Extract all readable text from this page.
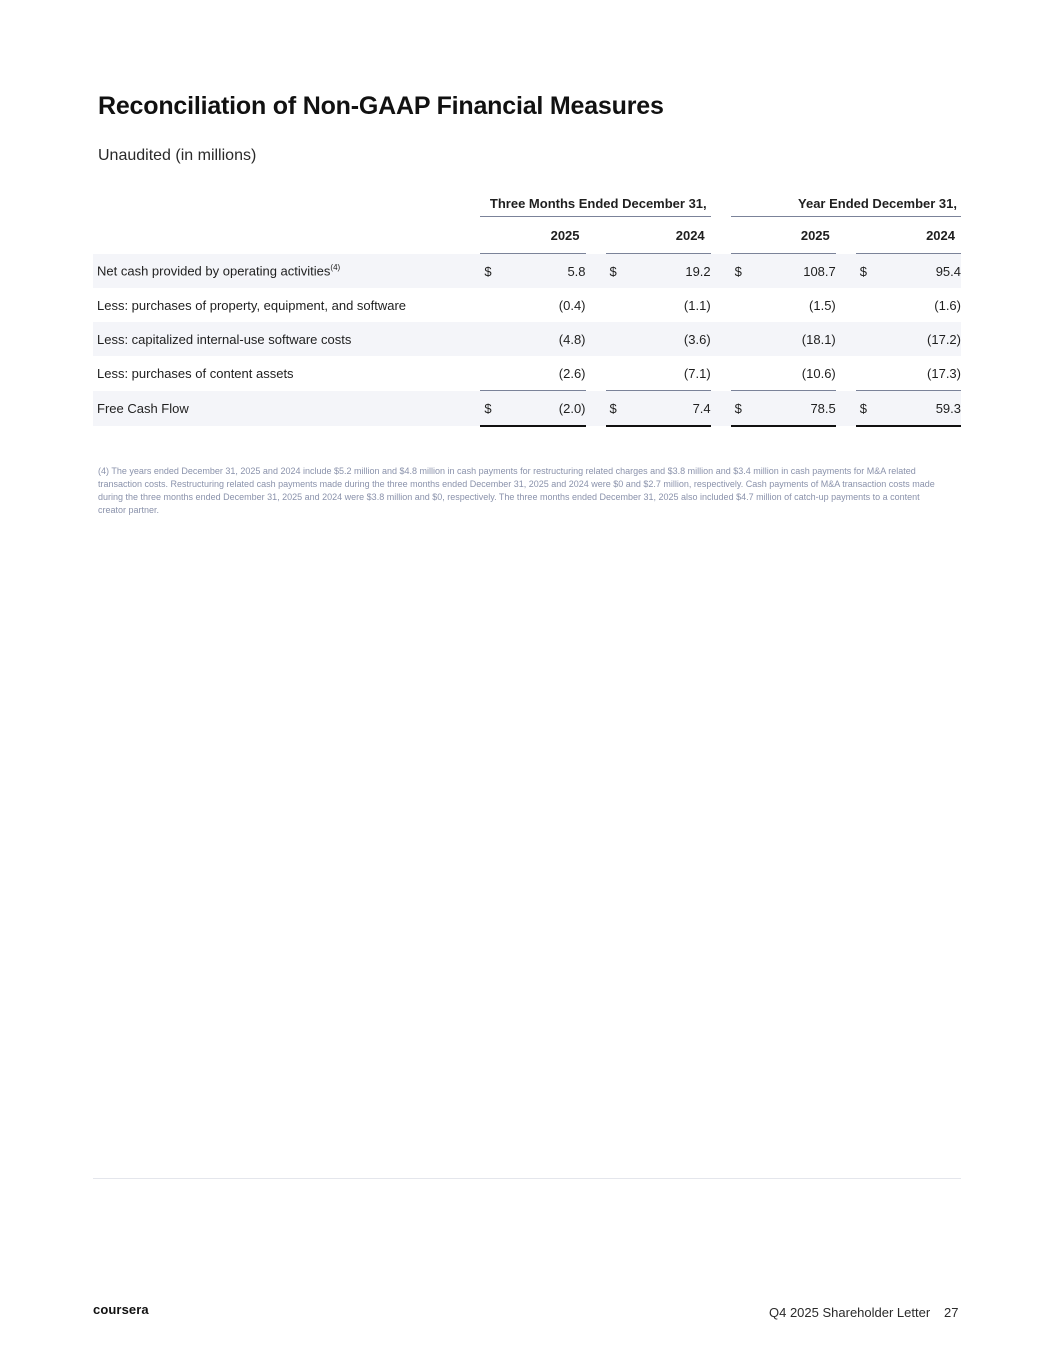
Reconciliation of Non-GAAP Financial Measures
Unaudited (in millions)
	Three Months Ended December 31,						Year Ended December 31,				
	2025			2024			2025			2024	
Net cash provided by operating activities$^{(4)}$	$	5.8		$	19.2		$	108.7		$	95.4
Less: purchases of property, equipment, and software		(0.4)			(1.1)			(1.5)			(1.6)
Less: capitalized internal-use software costs		(4.8)			(3.6)			(18.1)			(17.2)
Less: purchases of content assets		(2.6)			(7.1)			(10.6)			(17.3)
Free Cash Flow	$	(2.0)		$	7.4		$	78.5		$	59.3
(4) The years ended December 31, 2025 and 2024 include $5.2 million and $4.8 million in cash payments for restructuring related charges and $3.8 million and $3.4 million in cash payments for M&A related transaction costs. Restructuring related cash payments made during the three months ended December 31, 2025 and 2024 were $0 and $2.7 million, respectively. Cash payments of M&A transaction costs made during the three months ended December 31, 2025 and 2024 were $3.8 million and $0, respectively. The three months ended December 31, 2025 also included $4.7 million of catch-up payments to a content creator partner.
coursera	Q4 2025 Shareholder Letter 27
